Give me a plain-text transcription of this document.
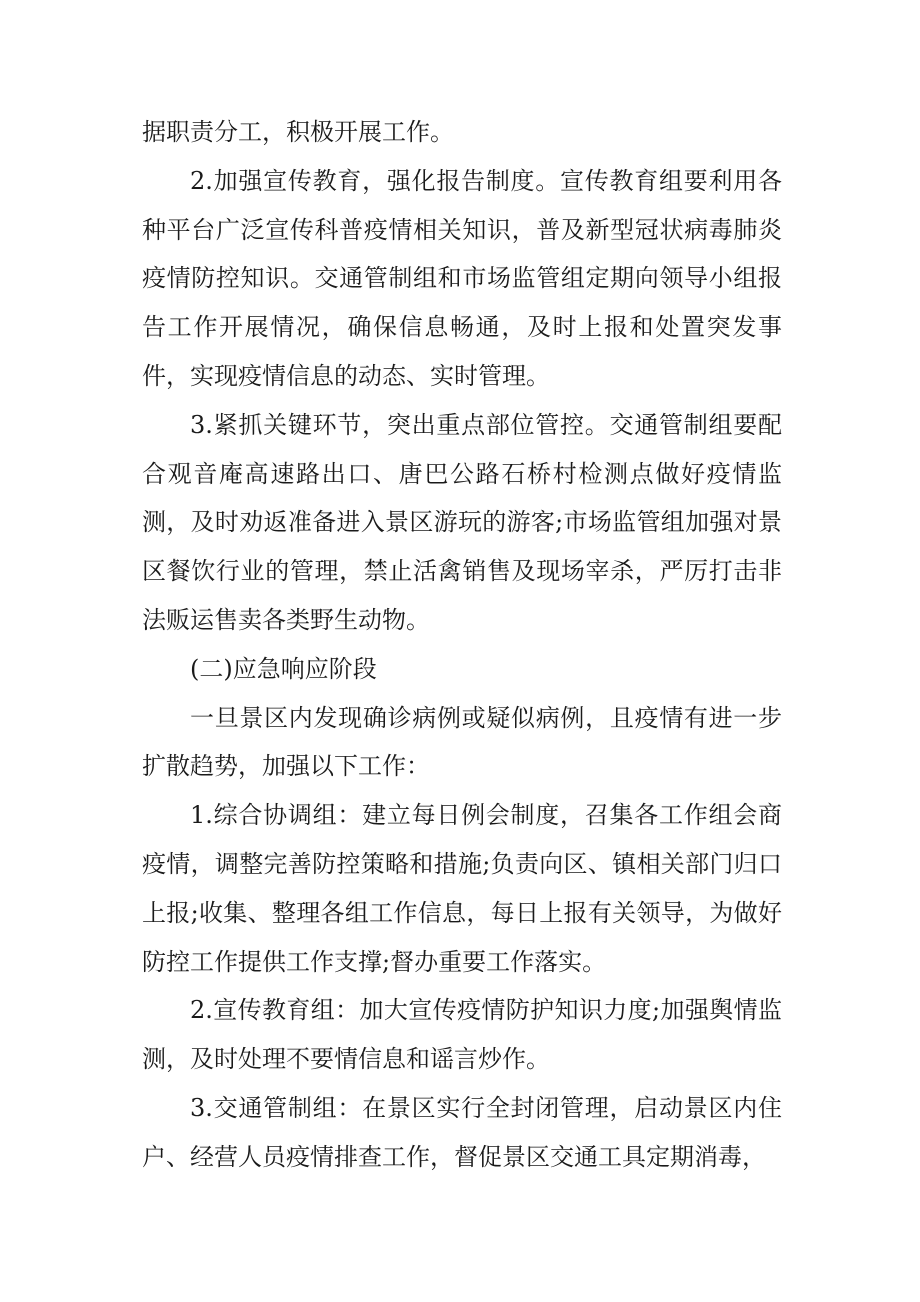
据职责分工，积极开展工作。

2.加强宣传教育，强化报告制度。宣传教育组要利用各种平台广泛宣传科普疫情相关知识，普及新型冠状病毒肺炎疫情防控知识。交通管制组和市场监管组定期向领导小组报告工作开展情况，确保信息畅通，及时上报和处置突发事件，实现疫情信息的动态、实时管理。

3.紧抓关键环节，突出重点部位管控。交通管制组要配合观音庵高速路出口、唐巴公路石桥村检测点做好疫情监测，及时劝返准备进入景区游玩的游客;市场监管组加强对景区餐饮行业的管理，禁止活禽销售及现场宰杀，严厉打击非法贩运售卖各类野生动物。

(二)应急响应阶段

一旦景区内发现确诊病例或疑似病例，且疫情有进一步扩散趋势，加强以下工作：

1.综合协调组：建立每日例会制度，召集各工作组会商疫情，调整完善防控策略和措施;负责向区、镇相关部门归口上报;收集、整理各组工作信息，每日上报有关领导，为做好防控工作提供工作支撑;督办重要工作落实。

2.宣传教育组：加大宣传疫情防护知识力度;加强舆情监测，及时处理不要情信息和谣言炒作。

3.交通管制组：在景区实行全封闭管理，启动景区内住户、经营人员疫情排查工作，督促景区交通工具定期消毒，
